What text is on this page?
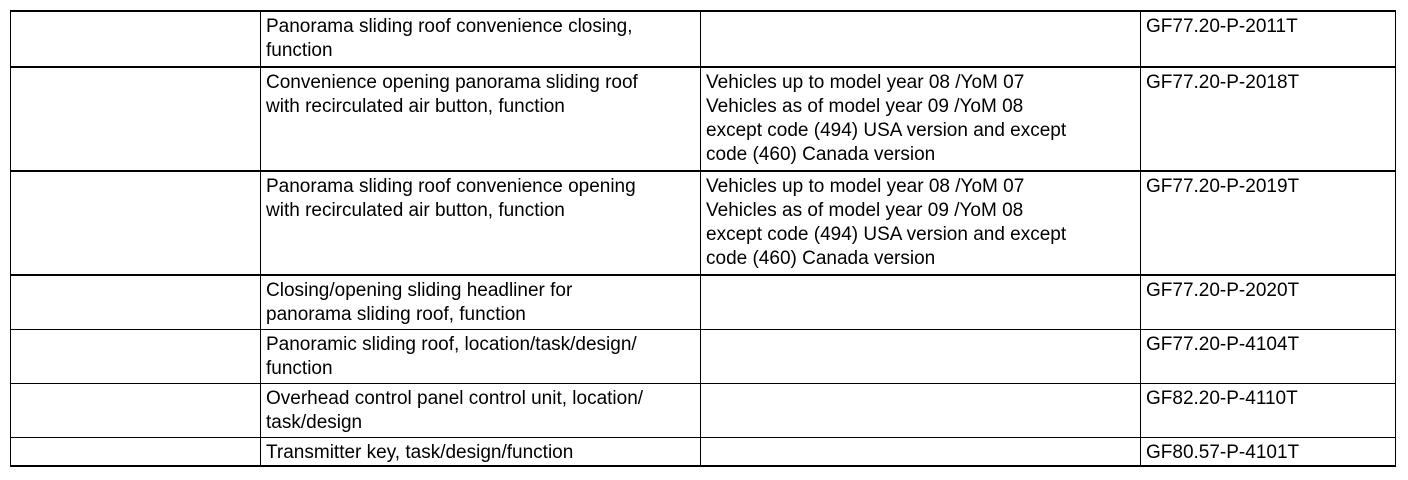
	Panorama sliding roof convenience closing,
function		GF77.20-P-2011T
	Convenience opening panorama sliding roof
with recirculated air button, function	Vehicles up to model year 08 /YoM 07
Vehicles as of model year 09 /YoM 08
except code (494) USA version and except
code (460) Canada version	GF77.20-P-2018T
	Panorama sliding roof convenience opening
with recirculated air button, function	Vehicles up to model year 08 /YoM 07
Vehicles as of model year 09 /YoM 08
except code (494) USA version and except
code (460) Canada version	GF77.20-P-2019T
	Closing/opening sliding headliner for
panorama sliding roof, function		GF77.20-P-2020T
	Panoramic sliding roof, location/task/design/
function		GF77.20-P-4104T
	Overhead control panel control unit, location/
task/design		GF82.20-P-4110T
	Transmitter key, task/design/function		GF80.57-P-4101T
